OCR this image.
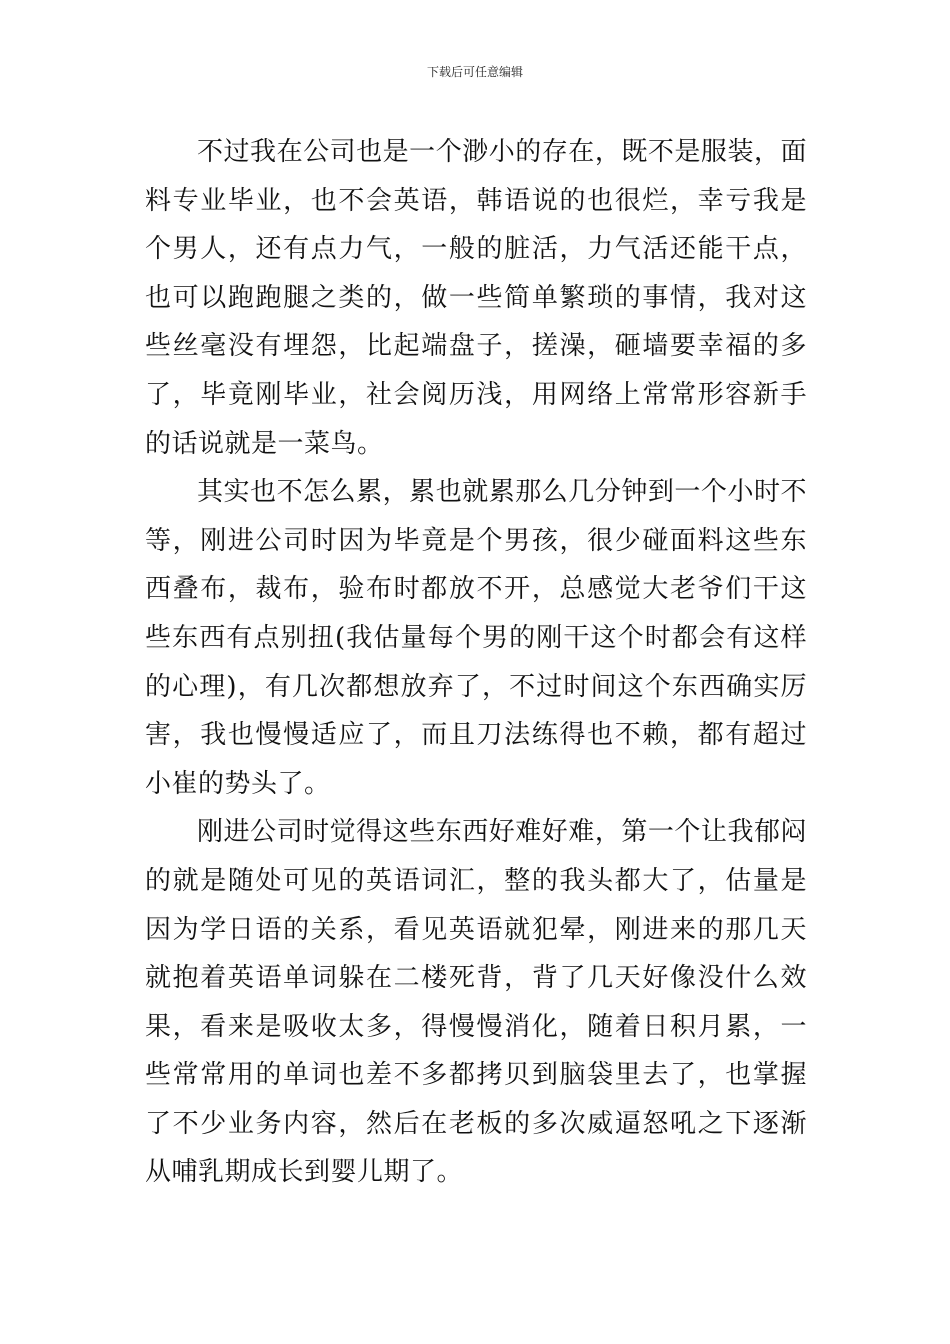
下载后可任意编辑

不过我在公司也是一个渺小的存在，既不是服装，面料专业毕业，也不会英语，韩语说的也很烂，幸亏我是个男人，还有点力气，一般的脏活，力气活还能干点，也可以跑跑腿之类的，做一些简单繁琐的事情，我对这些丝毫没有埋怨，比起端盘子，搓澡，砸墙要幸福的多了，毕竟刚毕业，社会阅历浅，用网络上常常形容新手的话说就是一菜鸟。

其实也不怎么累，累也就累那么几分钟到一个小时不等，刚进公司时因为毕竟是个男孩，很少碰面料这些东西叠布，裁布，验布时都放不开，总感觉大老爷们干这些东西有点别扭(我估量每个男的刚干这个时都会有这样的心理)，有几次都想放弃了，不过时间这个东西确实厉害，我也慢慢适应了，而且刀法练得也不赖，都有超过小崔的势头了。

刚进公司时觉得这些东西好难好难，第一个让我郁闷的就是随处可见的英语词汇，整的我头都大了，估量是因为学日语的关系，看见英语就犯晕，刚进来的那几天就抱着英语单词躲在二楼死背，背了几天好像没什么效果，看来是吸收太多，得慢慢消化，随着日积月累，一些常常用的单词也差不多都拷贝到脑袋里去了，也掌握了不少业务内容，然后在老板的多次威逼怒吼之下逐渐从哺乳期成长到婴儿期了。
